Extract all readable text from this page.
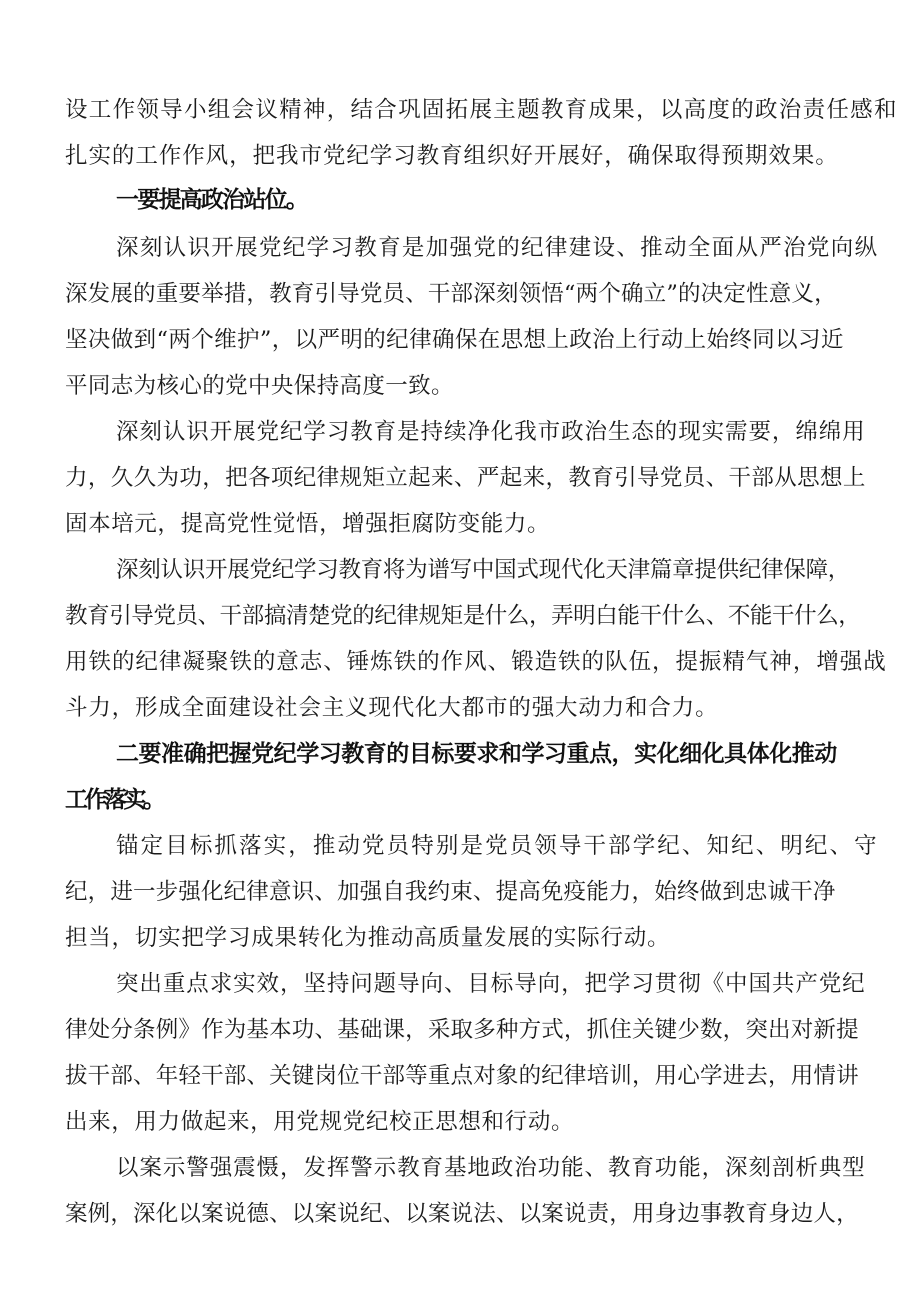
设工作领导小组会议精神，结合巩固拓展主题教育成果，以高度的政治责任感和
扎实的工作作风，把我市党纪学习教育组织好开展好，确保取得预期效果。
一要提高政治站位。
深刻认识开展党纪学习教育是加强党的纪律建设、推动全面从严治党向纵
深发展的重要举措，教育引导党员、干部深刻领悟“两个确立”的决定性意义，
坚决做到“两个维护”，以严明的纪律确保在思想上政治上行动上始终同以习近
平同志为核心的党中央保持高度一致。
深刻认识开展党纪学习教育是持续净化我市政治生态的现实需要，绵绵用
力，久久为功，把各项纪律规矩立起来、严起来，教育引导党员、干部从思想上
固本培元，提高党性觉悟，增强拒腐防变能力。
深刻认识开展党纪学习教育将为谱写中国式现代化天津篇章提供纪律保障，
教育引导党员、干部搞清楚党的纪律规矩是什么，弄明白能干什么、不能干什么，
用铁的纪律凝聚铁的意志、锤炼铁的作风、锻造铁的队伍，提振精气神，增强战
斗力，形成全面建设社会主义现代化大都市的强大动力和合力。
二要准确把握党纪学习教育的目标要求和学习重点，实化细化具体化推动
工作落实。
锚定目标抓落实，推动党员特别是党员领导干部学纪、知纪、明纪、守
纪，进一步强化纪律意识、加强自我约束、提高免疫能力，始终做到忠诚干净
担当，切实把学习成果转化为推动高质量发展的实际行动。
突出重点求实效，坚持问题导向、目标导向，把学习贯彻《中国共产党纪
律处分条例》作为基本功、基础课，采取多种方式，抓住关键少数，突出对新提
拔干部、年轻干部、关键岗位干部等重点对象的纪律培训，用心学进去，用情讲
出来，用力做起来，用党规党纪校正思想和行动。
以案示警强震慑，发挥警示教育基地政治功能、教育功能，深刻剖析典型
案例，深化以案说德、以案说纪、以案说法、以案说责，用身边事教育身边人，
